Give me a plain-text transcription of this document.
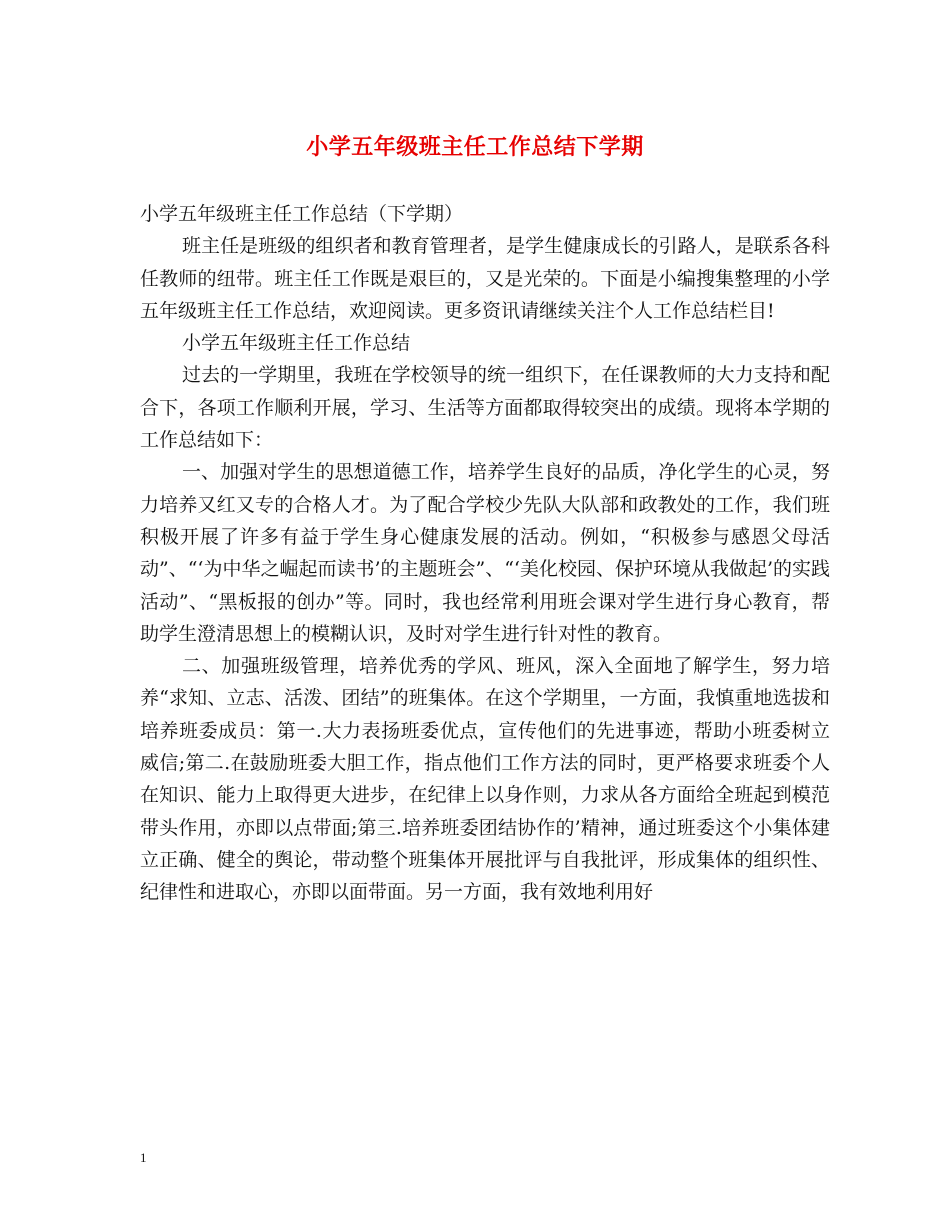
小学五年级班主任工作总结下学期

小学五年级班主任工作总结（下学期）

班主任是班级的组织者和教育管理者，是学生健康成长的引路人，是联系各科任教师的纽带。班主任工作既是艰巨的，又是光荣的。下面是小编搜集整理的小学五年级班主任工作总结，欢迎阅读。更多资讯请继续关注个人工作总结栏目!

小学五年级班主任工作总结

过去的一学期里，我班在学校领导的统一组织下，在任课教师的大力支持和配合下，各项工作顺利开展，学习、生活等方面都取得较突出的成绩。现将本学期的工作总结如下：

一、加强对学生的思想道德工作，培养学生良好的品质，净化学生的心灵，努力培养又红又专的合格人才。为了配合学校少先队大队部和政教处的工作，我们班积极开展了许多有益于学生身心健康发展的活动。例如，“积极参与感恩父母活动”、“‘为中华之崛起而读书’的主题班会”、“‘美化校园、保护环境从我做起’的实践活动”、“黑板报的创办”等。同时，我也经常利用班会课对学生进行身心教育，帮助学生澄清思想上的模糊认识，及时对学生进行针对性的教育。

二、加强班级管理，培养优秀的学风、班风，深入全面地了解学生，努力培养“求知、立志、活泼、团结”的班集体。在这个学期里，一方面，我慎重地选拔和培养班委成员：第一.大力表扬班委优点，宣传他们的先进事迹，帮助小班委树立威信;第二.在鼓励班委大胆工作，指点他们工作方法的同时，更严格要求班委个人在知识、能力上取得更大进步，在纪律上以身作则，力求从各方面给全班起到模范带头作用，亦即以点带面;第三.培养班委团结协作的’精神，通过班委这个小集体建立正确、健全的舆论，带动整个班集体开展批评与自我批评，形成集体的组织性、纪律性和进取心，亦即以面带面。另一方面，我有效地利用好

1
